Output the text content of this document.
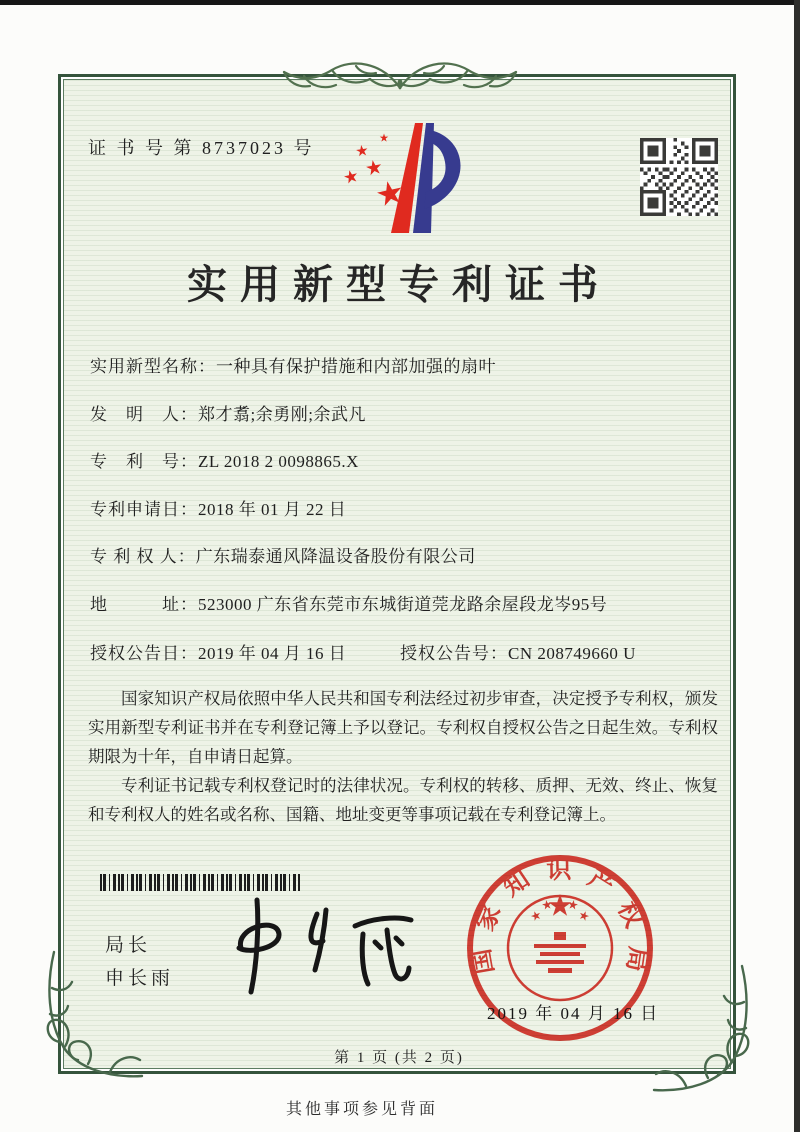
证 书 号 第 8737023 号
实用新型专利证书
实用新型名称：一种具有保护措施和内部加强的扇叶
发　明　人：郑才翥;余勇刚;余武凡
专　利　号：ZL 2018 2 0098865.X
专利申请日：2018 年 01 月 22 日
专 利 权 人：广东瑞泰通风降温设备股份有限公司
地　　　址：523000 广东省东莞市东城街道莞龙路余屋段龙岑95号
授权公告日：2019 年 04 月 16 日	授权公告号：CN 208749660 U

国家知识产权局依照中华人民共和国专利法经过初步审查，决定授予专利权，颁发实用新型专利证书并在专利登记簿上予以登记。专利权自授权公告之日起生效。专利权期限为十年，自申请日起算。

专利证书记载专利权登记时的法律状况。专利权的转移、质押、无效、终止、恢复和专利权人的姓名或名称、国籍、地址变更等事项记载在专利登记簿上。

局长
申长雨
国
家
知 识 产
权
局
2019 年 04 月 16 日
第 1 页 (共 2 页)
其他事项参见背面
